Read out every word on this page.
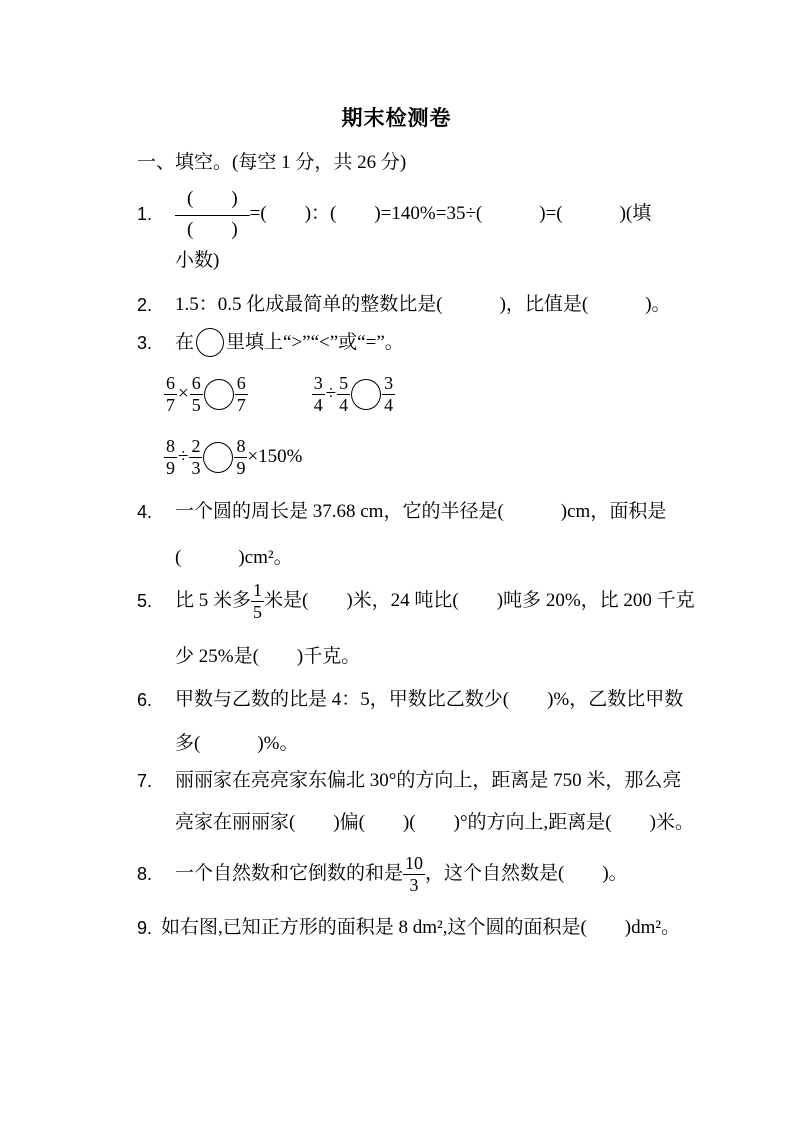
期末检测卷
一、填空。(每空 1 分，共 26 分)
1.
(　　)
(　　)
=(　　)：(　　)=140%=35÷(　　　)=(　　　)(填
小数)
2.	1.5：0.5 化成最简单的整数比是(　　　)，比值是(　　　)。
3.	在 里填上“>”“<”或“=”。
$\frac{6}{7} \times \frac{6}{5} \frac{6}{7}$	$\frac{3}{4} \div \frac{5}{4} \frac{3}{4}$
$\frac{8}{9} \div \frac{2}{3} \frac{8}{9} \times 150\%$
4.	一个圆的周长是 37.68 cm，它的半径是(　　　)cm，面积是
(　　　)cm²。
5.	比 5 米多 $\frac{1}{5}$ 米是(　　)米，24 吨比(　　)吨多 20%，比 200 千克
少 25%是(　　)千克。
6.	甲数与乙数的比是 4：5，甲数比乙数少(　　)%，乙数比甲数
多(　　　)%。
7.	丽丽家在亮亮家东偏北 30°的方向上，距离是 750 米，那么亮
亮家在丽丽家(　　)偏(　　)(　　)°的方向上,距离是(　　)米。
8.	一个自然数和它倒数的和是 $\frac{10}{3}$ ，这个自然数是(　　)。
9. 如右图,已知正方形的面积是 8 dm²,这个圆的面积是(　　)dm²。
